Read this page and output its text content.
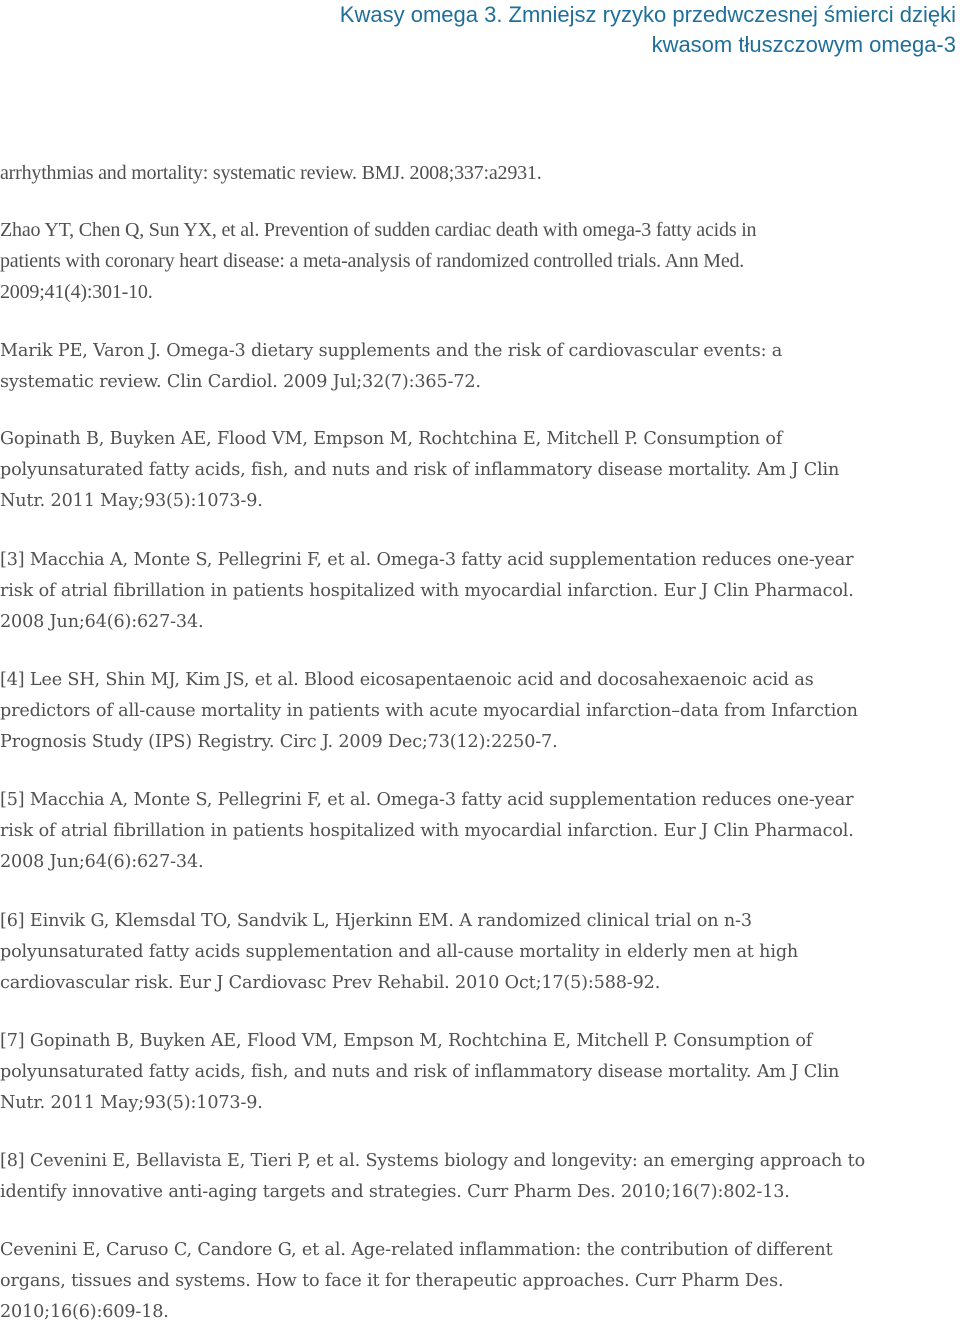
Kwasy omega 3. Zmniejsz ryzyko przedwczesnej śmierci dzięki
kwasom tłuszczowym omega-3

arrhythmias and mortality: systematic review. BMJ. 2008;337:a2931.

Zhao YT, Chen Q, Sun YX, et al. Prevention of sudden cardiac death with omega-3 fatty acids in
patients with coronary heart disease: a meta-analysis of randomized controlled trials. Ann Med.
2009;41(4):301-10.

Marik PE, Varon J. Omega-3 dietary supplements and the risk of cardiovascular events: a
systematic review. Clin Cardiol. 2009 Jul;32(7):365-72.

Gopinath B, Buyken AE, Flood VM, Empson M, Rochtchina E, Mitchell P. Consumption of
polyunsaturated fatty acids, fish, and nuts and risk of inflammatory disease mortality. Am J Clin
Nutr. 2011 May;93(5):1073-9.

[3] Macchia A, Monte S, Pellegrini F, et al. Omega-3 fatty acid supplementation reduces one-year
risk of atrial fibrillation in patients hospitalized with myocardial infarction. Eur J Clin Pharmacol.
2008 Jun;64(6):627-34.

[4] Lee SH, Shin MJ, Kim JS, et al. Blood eicosapentaenoic acid and docosahexaenoic acid as
predictors of all-cause mortality in patients with acute myocardial infarction–data from Infarction
Prognosis Study (IPS) Registry. Circ J. 2009 Dec;73(12):2250-7.

[5] Macchia A, Monte S, Pellegrini F, et al. Omega-3 fatty acid supplementation reduces one-year
risk of atrial fibrillation in patients hospitalized with myocardial infarction. Eur J Clin Pharmacol.
2008 Jun;64(6):627-34.

[6] Einvik G, Klemsdal TO, Sandvik L, Hjerkinn EM. A randomized clinical trial on n-3
polyunsaturated fatty acids supplementation and all-cause mortality in elderly men at high
cardiovascular risk. Eur J Cardiovasc Prev Rehabil. 2010 Oct;17(5):588-92.

[7] Gopinath B, Buyken AE, Flood VM, Empson M, Rochtchina E, Mitchell P. Consumption of
polyunsaturated fatty acids, fish, and nuts and risk of inflammatory disease mortality. Am J Clin
Nutr. 2011 May;93(5):1073-9.

[8] Cevenini E, Bellavista E, Tieri P, et al. Systems biology and longevity: an emerging approach to
identify innovative anti-aging targets and strategies. Curr Pharm Des. 2010;16(7):802-13.

Cevenini E, Caruso C, Candore G, et al. Age-related inflammation: the contribution of different
organs, tissues and systems. How to face it for therapeutic approaches. Curr Pharm Des.
2010;16(6):609-18.
